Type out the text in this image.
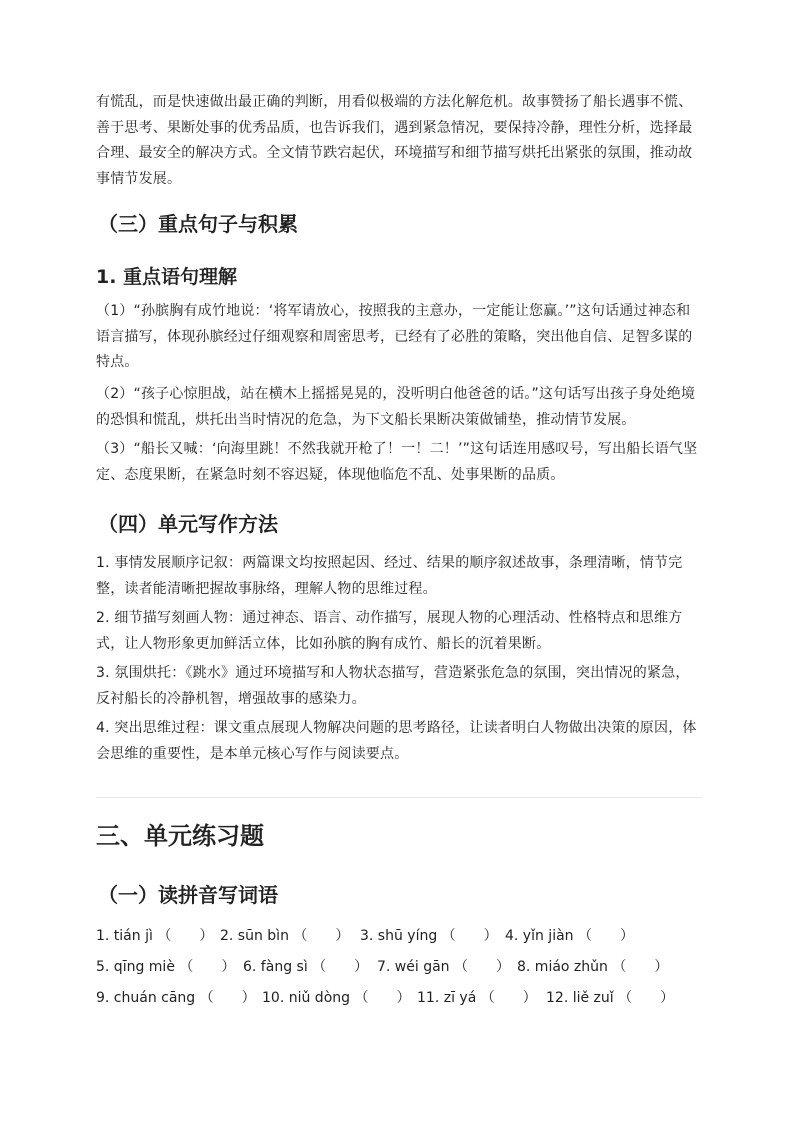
有慌乱，而是快速做出最正确的判断，用看似极端的方法化解危机。故事赞扬了船长遇事不慌、善于思考、果断处事的优秀品质，也告诉我们，遇到紧急情况，要保持冷静，理性分析，选择最合理、最安全的解决方式。全文情节跌宕起伏，环境描写和细节描写烘托出紧张的氛围，推动故事情节发展。

（三）重点句子与积累
1. 重点语句理解

（1）“孙膑胸有成竹地说：‘将军请放心，按照我的主意办，一定能让您赢。’”这句话通过神态和语言描写，体现孙膑经过仔细观察和周密思考，已经有了必胜的策略，突出他自信、足智多谋的特点。

（2）“孩子心惊胆战，站在横木上摇摇晃晃的，没听明白他爸爸的话。”这句话写出孩子身处绝境的恐惧和慌乱，烘托出当时情况的危急，为下文船长果断决策做铺垫，推动情节发展。

（3）“船长又喊：‘向海里跳！不然我就开枪了！一！二！’”这句话连用感叹号，写出船长语气坚定、态度果断，在紧急时刻不容迟疑，体现他临危不乱、处事果断的品质。

（四）单元写作方法

1. 事情发展顺序记叙：两篇课文均按照起因、经过、结果的顺序叙述故事，条理清晰，情节完整，读者能清晰把握故事脉络，理解人物的思维过程。

2. 细节描写刻画人物：通过神态、语言、动作描写，展现人物的心理活动、性格特点和思维方式，让人物形象更加鲜活立体，比如孙膑的胸有成竹、船长的沉着果断。

3. 氛围烘托：《跳水》通过环境描写和人物状态描写，营造紧张危急的氛围，突出情况的紧急，反衬船长的冷静机智，增强故事的感染力。

4. 突出思维过程：课文重点展现人物解决问题的思考路径，让读者明白人物做出决策的原因，体会思维的重要性，是本单元核心写作与阅读要点。

三、单元练习题
（一）读拼音写词语
1. tián jì （　　） 2. sūn bìn （　　） 3. shū yíng （　　） 4. yǐn jiàn （　　）
5. qīng miè （　　） 6. fàng sì （　　） 7. wéi gān （　　） 8. miáo zhǔn （　　）
9. chuán cāng （　　） 10. niǔ dòng （　　） 11. zī yá （　　） 12. liě zuǐ （　　）
